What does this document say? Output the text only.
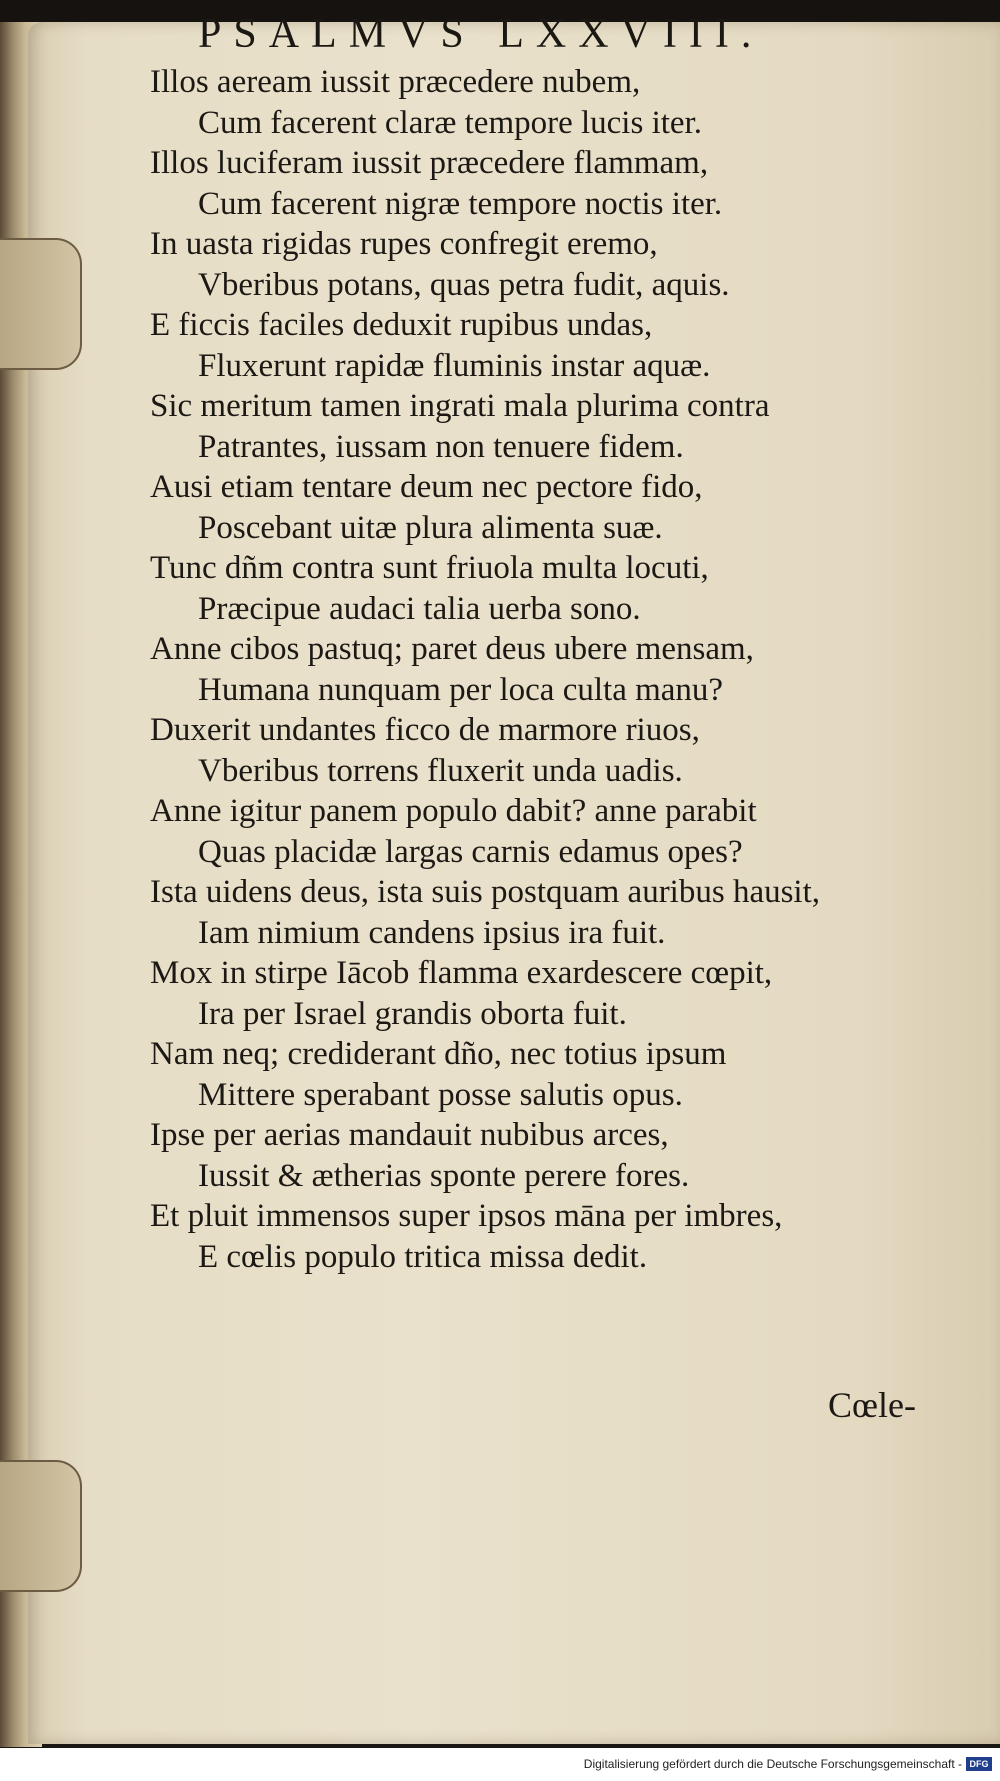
PSALMVS LXXVIII.
Illos aeream iussit præcedere nubem,
Cum facerent claræ tempore lucis iter.
Illos luciferam iussit præcedere flammam,
Cum facerent nigræ tempore noctis iter.
In uasta rigidas rupes confregit eremo,
Vberibus potans, quas petra fudit, aquis.
E ficcis faciles deduxit rupibus undas,
Fluxerunt rapidæ fluminis instar aquæ.
Sic meritum tamen ingrati mala plurima contra
Patrantes, iussam non tenuere fidem.
Ausi etiam tentare deum nec pectore fido,
Poscebant uitæ plura alimenta suæ.
Tunc dñm contra sunt friuola multa locuti,
Præcipue audaci talia uerba sono.
Anne cibos pastuq; paret deus ubere mensam,
Humana nunquam per loca culta manu?
Duxerit undantes ficco de marmore riuos,
Vberibus torrens fluxerit unda uadis.
Anne igitur panem populo dabit? anne parabit
Quas placidæ largas carnis edamus opes?
Ista uidens deus, ista suis postquam auribus hausit,
Iam nimium candens ipsius ira fuit.
Mox in stirpe Iācob flamma exardescere cœpit,
Ira per Israel grandis oborta fuit.
Nam neq; crediderant dño, nec totius ipsum
Mittere sperabant posse salutis opus.
Ipse per aerias mandauit nubibus arces,
Iussit & ætherias sponte perere fores.
Et pluit immensos super ipsos māna per imbres,
E cœlis populo tritica missa dedit.
Cœle-
Digitalisierung gefördert durch die Deutsche Forschungsgemeinschaft - DFG
